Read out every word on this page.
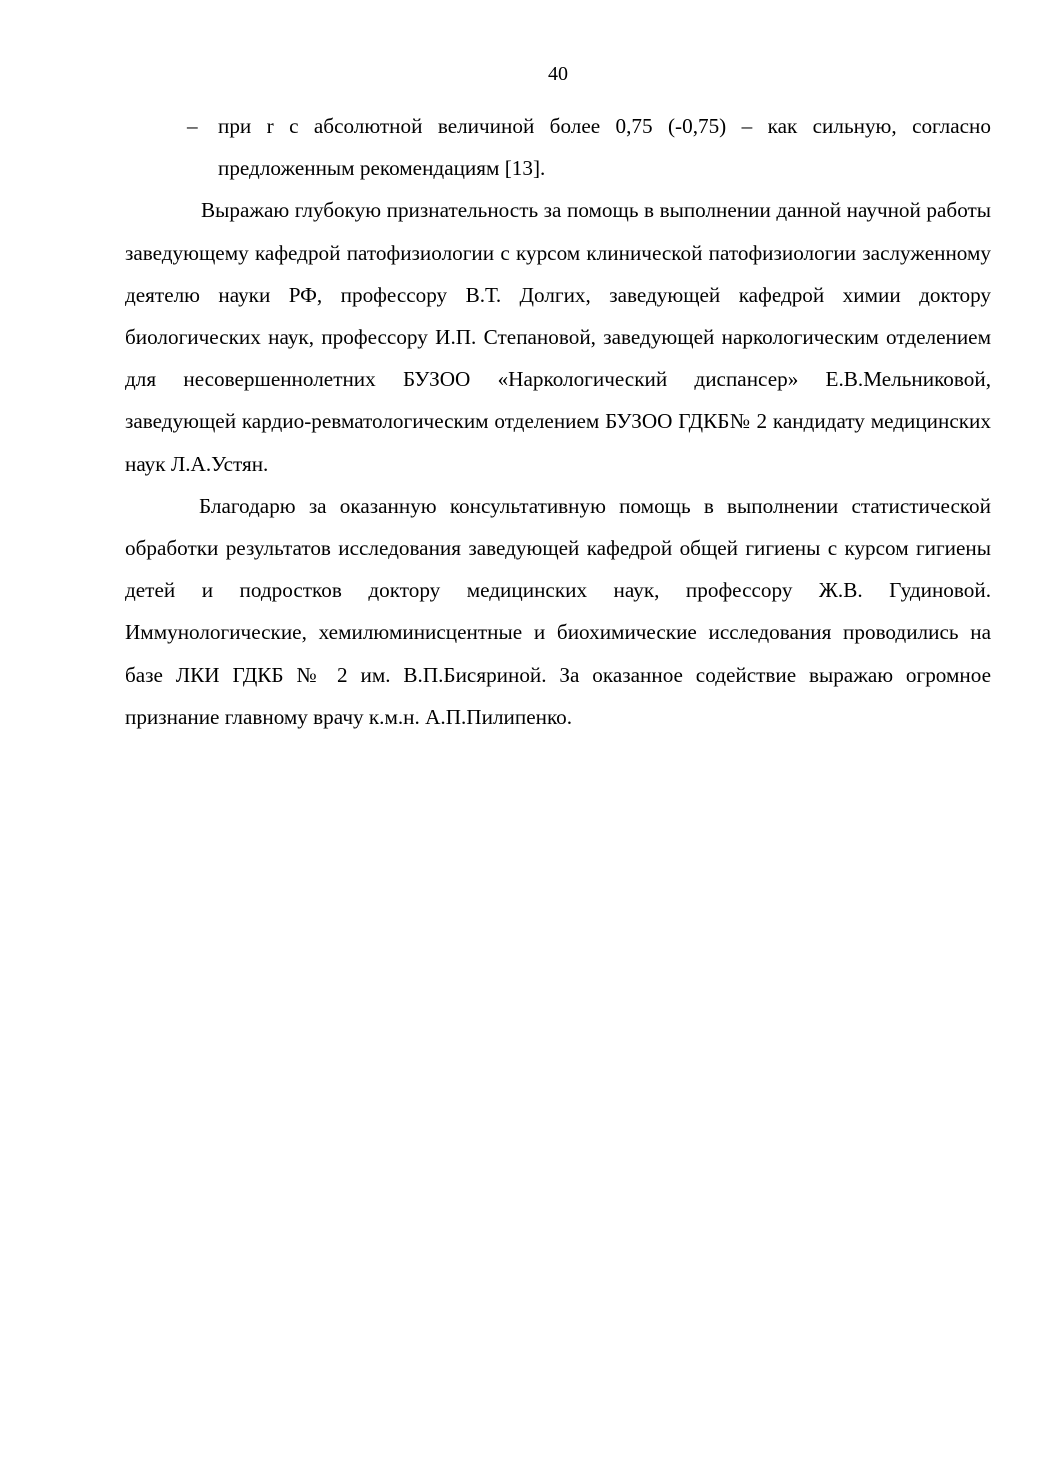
40
– при r с абсолютной величиной более 0,75 (-0,75) – как сильную, согласно предложенным рекомендациям [13].

Выражаю глубокую признательность за помощь в выполнении данной научной работы заведующему кафедрой патофизиологии с курсом клинической патофизиологии заслуженному деятелю науки РФ, профессору В.Т. Долгих, заведующей кафедрой химии доктору биологических наук, профессору И.П. Степановой, заведующей наркологическим отделением для несовершеннолетних БУЗОО «Наркологический диспансер» Е.В.Мельниковой, заведующей кардио-ревматологическим отделением БУЗОО ГДКБ№ 2 кандидату медицинских наук Л.А.Устян.

Благодарю за оказанную консультативную помощь в выполнении статистической обработки результатов исследования заведующей кафедрой общей гигиены с курсом гигиены детей и подростков доктору медицинских наук, профессору Ж.В. Гудиновой. Иммунологические, хемилюминисцентные и биохимические исследования проводились на базе ЛКИ ГДКБ № 2 им. В.П.Бисяриной. За оказанное содействие выражаю огромное признание главному врачу к.м.н. А.П.Пилипенко.
